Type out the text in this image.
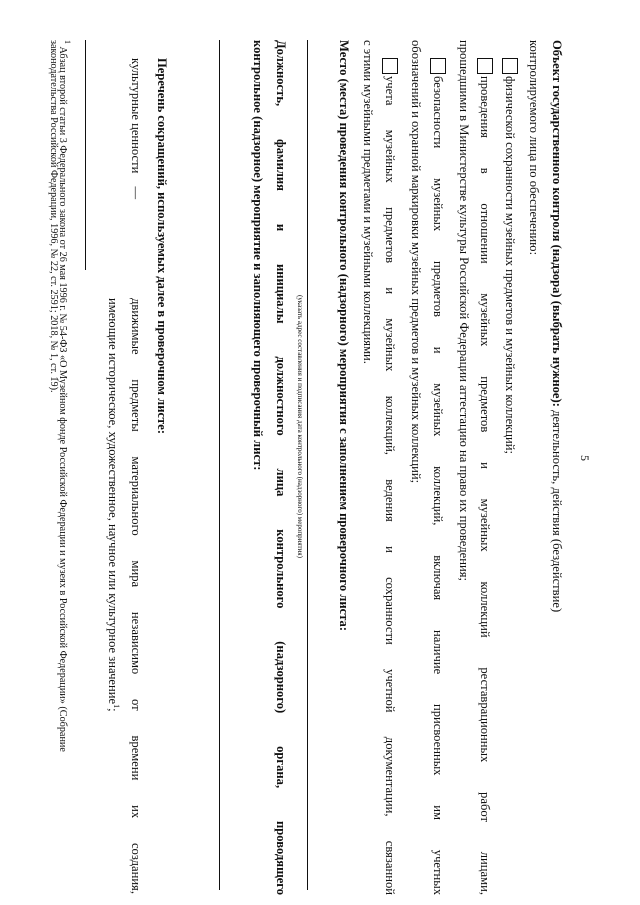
5
Объект государственного контроля (надзора) (выбрать нужное): деятельность, действия (бездействие)
контролируемого лица по обеспечению:
физической сохранности музейных предметов и музейных коллекций;
проведения в отношении музейных предметов и музейных коллекций реставрационных работ лицами,
прошедшими в Министерстве культуры Российской Федерации аттестацию на право их проведения;
безопасности музейных предметов и музейных коллекций, включая наличие присвоенных им учетных
обозначений и охранной маркировки музейных предметов и музейных коллекций;
учета музейных предметов и музейных коллекций, ведения и сохранности учетной документации, связанной
с этими музейными предметами и музейными коллекциями.
Место (места) проведения контрольного (надзорного) мероприятия с заполнением проверочного листа:
(указать адрес составления и подписания дата контрольного (надзорного) мероприятия)
Должность, фамилия и инициалы должностного лица контрольного (надзорного) органа, проводящего
контрольное (надзорное) мероприятие и заполняющего проверочный лист:
Перечень сокращений, используемых далее в проверочном листе:
культурные ценности —
движимые предметы материального мира независимо от времени их создания,
имеющие историческое, художественное, научное или культурное значение$^1$;
$^1$ Абзац второй статьи 3 Федерального закона от 26 мая 1996 г. № 54-ФЗ «О Музейном фонде Российской Федерации и музеях в Российской Федерации» (Собрание
законодательства Российской Федерации, 1996, № 22, ст. 2591; 2018, № 1, ст. 19).
